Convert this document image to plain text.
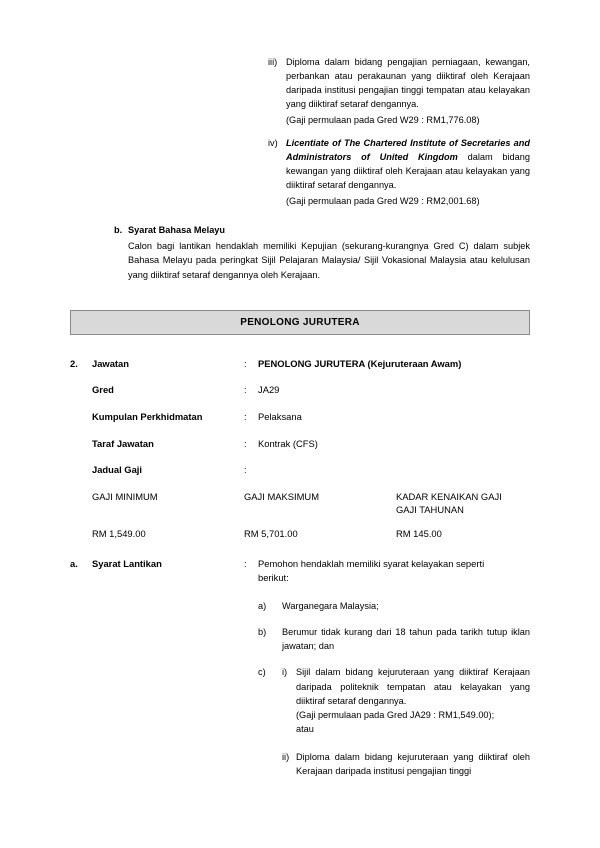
iii) Diploma dalam bidang pengajian perniagaan, kewangan, perbankan atau perakaunan yang diiktiraf oleh Kerajaan daripada institusi pengajian tinggi tempatan atau kelayakan yang diiktiraf setaraf dengannya.
(Gaji permulaan pada Gred W29 : RM1,776.08)
iv) Licentiate of The Chartered Institute of Secretaries and Administrators of United Kingdom dalam bidang kewangan yang diiktiraf oleh Kerajaan atau kelayakan yang diiktiraf setaraf dengannya.
(Gaji permulaan pada Gred W29 : RM2,001.68)
b. Syarat Bahasa Melayu
Calon bagi lantikan hendaklah memiliki Kepujian (sekurang-kurangnya Gred C) dalam subjek Bahasa Melayu pada peringkat Sijil Pelajaran Malaysia/ Sijil Vokasional Malaysia atau kelulusan yang diiktiraf setaraf dengannya oleh Kerajaan.
PENOLONG JURUTERA
2.	Jawatan	:	PENOLONG JURUTERA (Kejuruteraan Awam)
Gred	:	JA29
Kumpulan Perkhidmatan	:	Pelaksana
Taraf Jawatan	:	Kontrak (CFS)
Jadual Gaji	:
GAJI MINIMUM	GAJI MAKSIMUM	KADAR KENAIKAN GAJI
GAJI TAHUNAN
RM 1,549.00	RM 5,701.00	RM 145.00
a.	Syarat Lantikan	:	Pemohon hendaklah memiliki syarat kelayakan seperti
berikut:
a)	Warganegara Malaysia;
b)	Berumur tidak kurang dari 18 tahun pada tarikh tutup iklan jawatan; dan
c)	i) Sijil dalam bidang kejuruteraan yang diiktiraf Kerajaan daripada politeknik tempatan atau kelayakan yang diiktiraf setaraf dengannya.
(Gaji permulaan pada Gred JA29 : RM1,549.00);
atau
ii) Diploma dalam bidang kejuruteraan yang diiktiraf oleh Kerajaan daripada institusi pengajian tinggi
